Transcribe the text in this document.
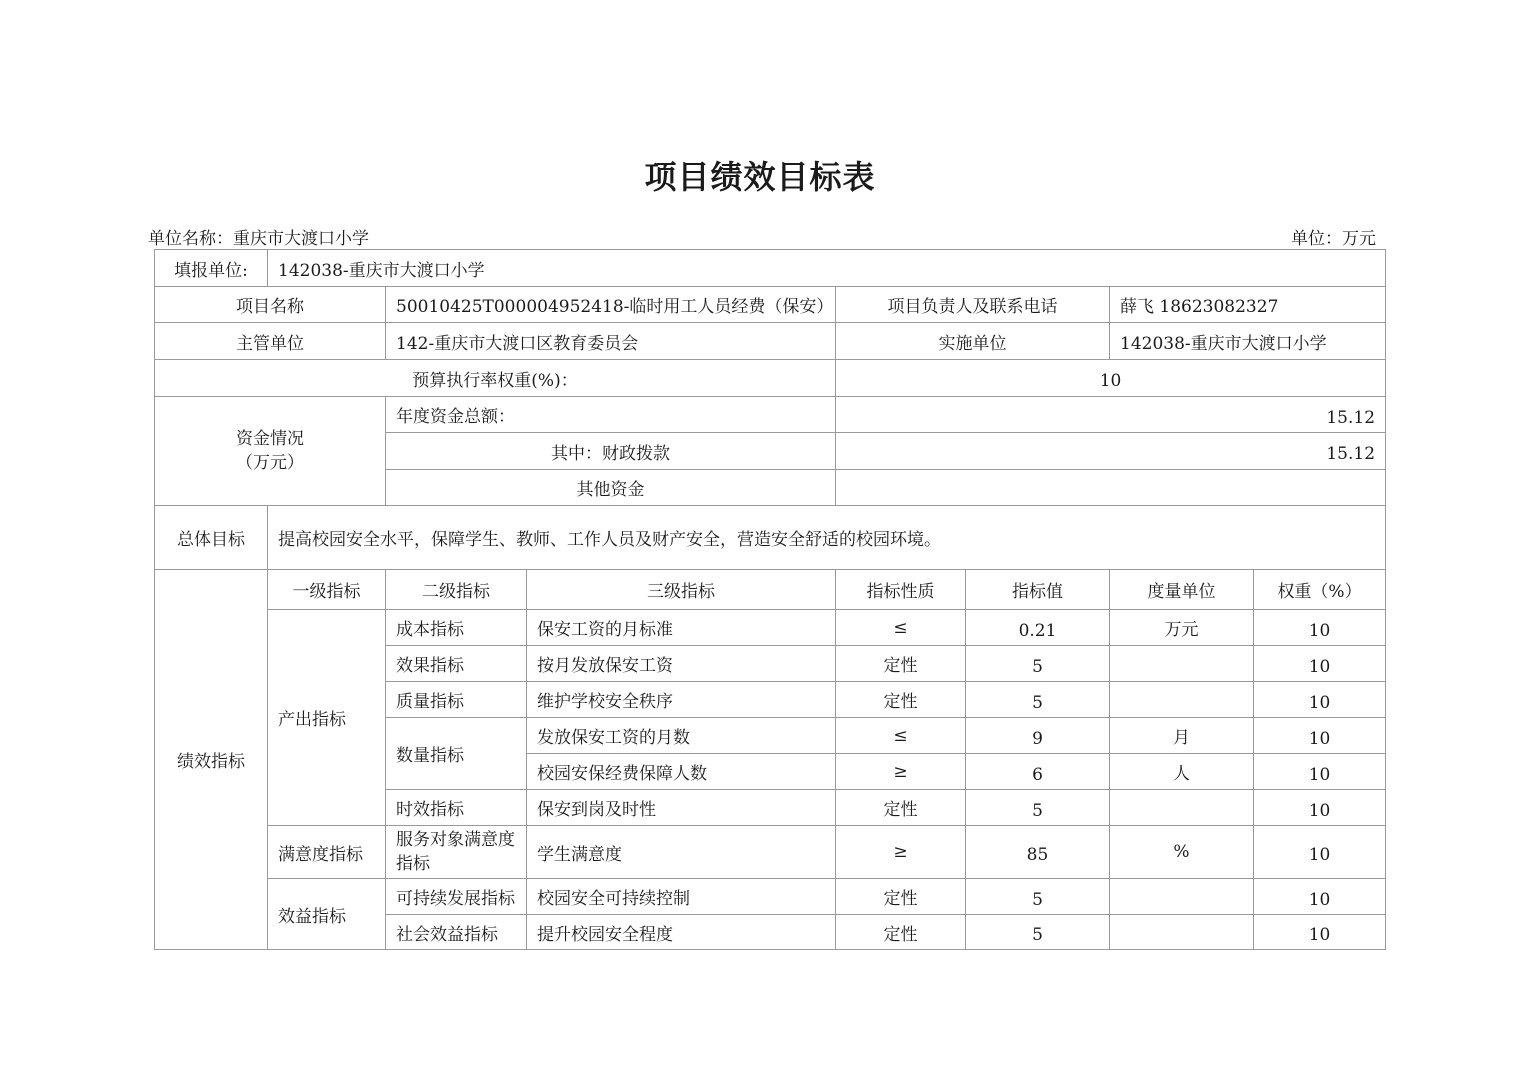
项目绩效目标表
单位名称：重庆市大渡口小学	单位：万元
填报单位:	142038-重庆市大渡口小学						
项目名称		50010425T000004952418-临时用工人员经费（保安）		项目负责人及联系电话		薛飞 18623082327	
主管单位		142-重庆市大渡口区教育委员会		实施单位		142038-重庆市大渡口小学	
预算执行率权重(%)：				10			

资金情况
（万元）		年度资金总额：		15.12			
		其中：财政拨款		15.12			
		其他资金					
总体目标	提高校园安全水平，保障学生、教师、工作人员及财产安全，营造安全舒适的校园环境。						
绩效指标	一级指标	二级指标	三级指标	指标性质	指标值	度量单位	权重（%）
	产出指标	成本指标	保安工资的月标准	≤	0.21	万元	10
		效果指标	按月发放保安工资	定性	5		10
		质量指标	维护学校安全秩序	定性	5		10
		数量指标	发放保安工资的月数	≤	9	月	10
			校园安保经费保障人数	≥	6	人	10
		时效指标	保安到岗及时性	定性	5		10
	满意度指标	服务对象满意度指标	学生满意度	≥	85	%	10
	效益指标	可持续发展指标	校园安全可持续控制	定性	5		10
		社会效益指标	提升校园安全程度	定性	5		10
